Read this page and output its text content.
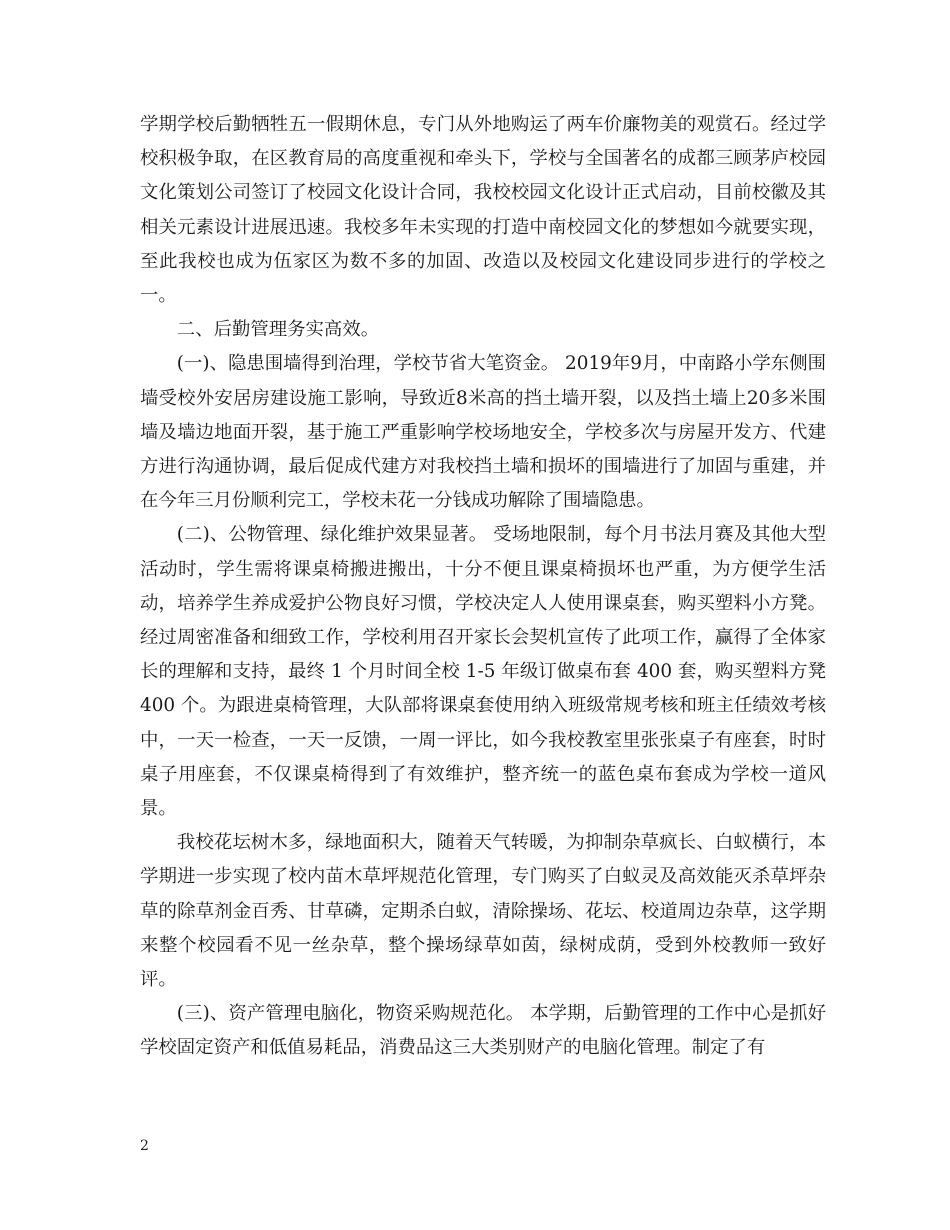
学期学校后勤牺牲五一假期休息，专门从外地购运了两车价廉物美的观赏石。经过学校积极争取，在区教育局的高度重视和牵头下，学校与全国著名的成都三顾茅庐校园文化策划公司签订了校园文化设计合同，我校校园文化设计正式启动，目前校徽及其相关元素设计进展迅速。我校多年未实现的打造中南校园文化的梦想如今就要实现，至此我校也成为伍家区为数不多的加固、改造以及校园文化建设同步进行的学校之一。

二、后勤管理务实高效。

(一)、隐患围墙得到治理，学校节省大笔资金。 2019年9月，中南路小学东侧围墙受校外安居房建设施工影响，导致近8米高的挡土墙开裂，以及挡土墙上20多米围墙及墙边地面开裂，基于施工严重影响学校场地安全，学校多次与房屋开发方、代建方进行沟通协调，最后促成代建方对我校挡土墙和损坏的围墙进行了加固与重建，并在今年三月份顺利完工，学校未花一分钱成功解除了围墙隐患。

(二)、公物管理、绿化维护效果显著。 受场地限制，每个月书法月赛及其他大型活动时，学生需将课桌椅搬进搬出，十分不便且课桌椅损坏也严重，为方便学生活动，培养学生养成爱护公物良好习惯，学校决定人人使用课桌套，购买塑料小方凳。经过周密准备和细致工作，学校利用召开家长会契机宣传了此项工作，赢得了全体家长的理解和支持，最终 1 个月时间全校 1-5 年级订做桌布套 400 套，购买塑料方凳 400 个。为跟进桌椅管理，大队部将课桌套使用纳入班级常规考核和班主任绩效考核中，一天一检查，一天一反馈，一周一评比，如今我校教室里张张桌子有座套，时时桌子用座套，不仅课桌椅得到了有效维护，整齐统一的蓝色桌布套成为学校一道风景。

我校花坛树木多，绿地面积大，随着天气转暖，为抑制杂草疯长、白蚁横行，本学期进一步实现了校内苗木草坪规范化管理，专门购买了白蚁灵及高效能灭杀草坪杂草的除草剂金百秀、甘草磷，定期杀白蚁，清除操场、花坛、校道周边杂草，这学期来整个校园看不见一丝杂草，整个操场绿草如茵，绿树成荫，受到外校教师一致好评。

(三)、资产管理电脑化，物资采购规范化。 本学期，后勤管理的工作中心是抓好学校固定资产和低值易耗品，消费品这三大类别财产的电脑化管理。制定了有

2
